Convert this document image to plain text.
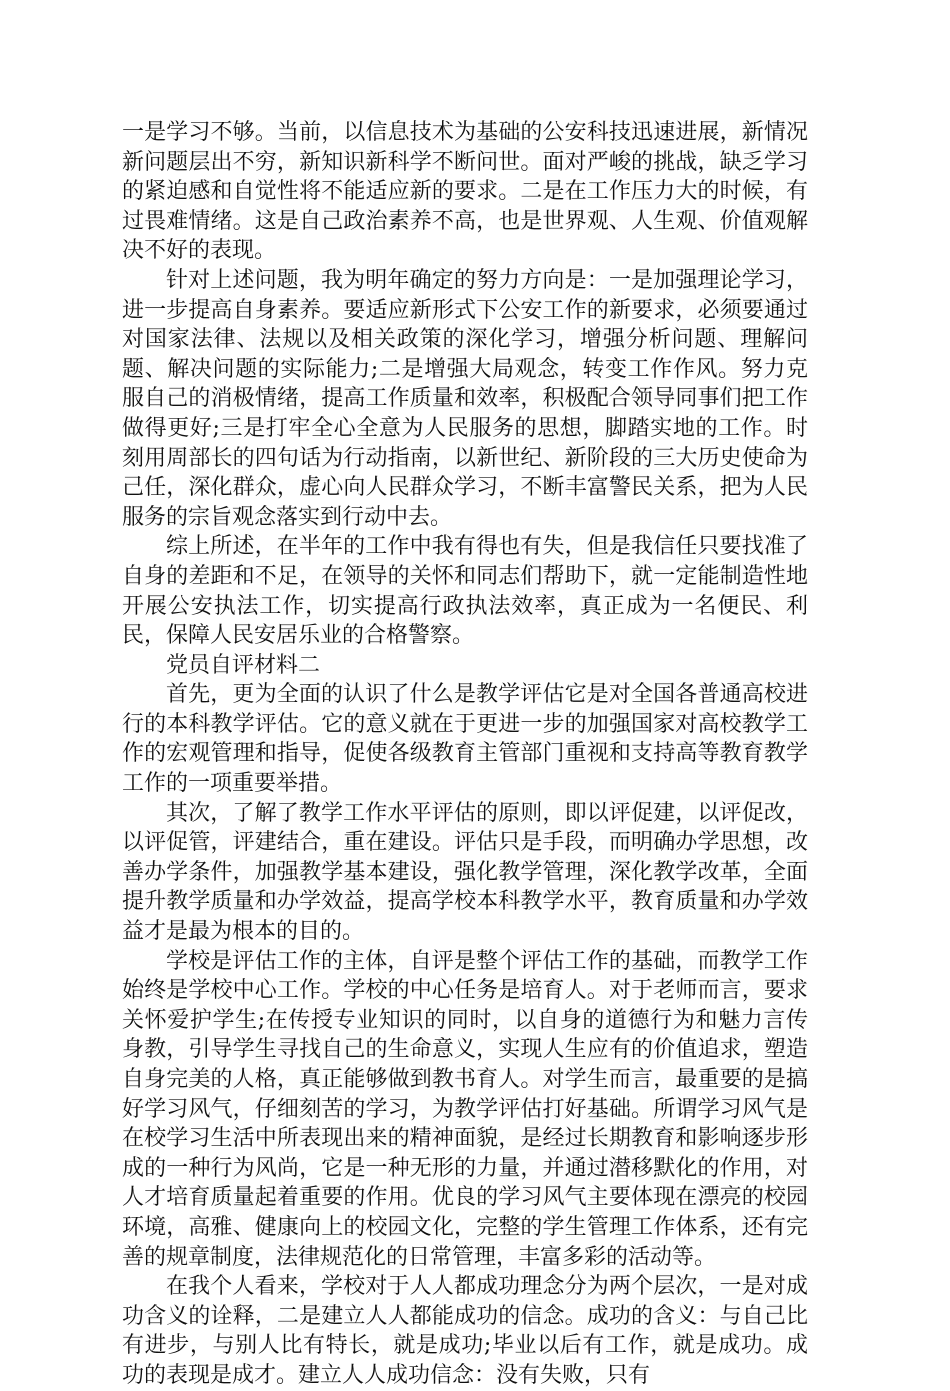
一是学习不够。当前，以信息技术为基础的公安科技迅速进展，新情况新问题层出不穷，新知识新科学不断问世。面对严峻的挑战，缺乏学习的紧迫感和自觉性将不能适应新的要求。二是在工作压力大的时候，有过畏难情绪。这是自己政治素养不高，也是世界观、人生观、价值观解决不好的表现。

针对上述问题，我为明年确定的努力方向是：一是加强理论学习，进一步提高自身素养。要适应新形式下公安工作的新要求，必须要通过对国家法律、法规以及相关政策的深化学习，增强分析问题、理解问题、解决问题的实际能力;二是增强大局观念，转变工作作风。努力克服自己的消极情绪，提高工作质量和效率，积极配合领导同事们把工作做得更好;三是打牢全心全意为人民服务的思想，脚踏实地的工作。时刻用周部长的四句话为行动指南，以新世纪、新阶段的三大历史使命为己任，深化群众，虚心向人民群众学习，不断丰富警民关系，把为人民服务的宗旨观念落实到行动中去。

综上所述，在半年的工作中我有得也有失，但是我信任只要找准了自身的差距和不足，在领导的关怀和同志们帮助下，就一定能制造性地开展公安执法工作，切实提高行政执法效率，真正成为一名便民、利民，保障人民安居乐业的合格警察。

党员自评材料二

首先，更为全面的认识了什么是教学评估它是对全国各普通高校进行的本科教学评估。它的意义就在于更进一步的加强国家对高校教学工作的宏观管理和指导，促使各级教育主管部门重视和支持高等教育教学工作的一项重要举措。

其次，了解了教学工作水平评估的原则，即以评促建，以评促改，以评促管，评建结合，重在建设。评估只是手段，而明确办学思想，改善办学条件，加强教学基本建设，强化教学管理，深化教学改革，全面提升教学质量和办学效益，提高学校本科教学水平，教育质量和办学效益才是最为根本的目的。

学校是评估工作的主体，自评是整个评估工作的基础，而教学工作始终是学校中心工作。学校的中心任务是培育人。对于老师而言，要求关怀爱护学生;在传授专业知识的同时，以自身的道德行为和魅力言传身教，引导学生寻找自己的生命意义，实现人生应有的价值追求，塑造自身完美的人格，真正能够做到教书育人。对学生而言，最重要的是搞好学习风气，仔细刻苦的学习，为教学评估打好基础。所谓学习风气是在校学习生活中所表现出来的精神面貌，是经过长期教育和影响逐步形成的一种行为风尚，它是一种无形的力量，并通过潜移默化的作用，对人才培育质量起着重要的作用。优良的学习风气主要体现在漂亮的校园环境，高雅、健康向上的校园文化，完整的学生管理工作体系，还有完善的规章制度，法律规范化的日常管理，丰富多彩的活动等。

在我个人看来，学校对于人人都成功理念分为两个层次，一是对成功含义的诠释，二是建立人人都能成功的信念。成功的含义：与自己比有进步，与别人比有特长，就是成功;毕业以后有工作，就是成功。成功的表现是成才。建立人人成功信念：没有失败，只有
